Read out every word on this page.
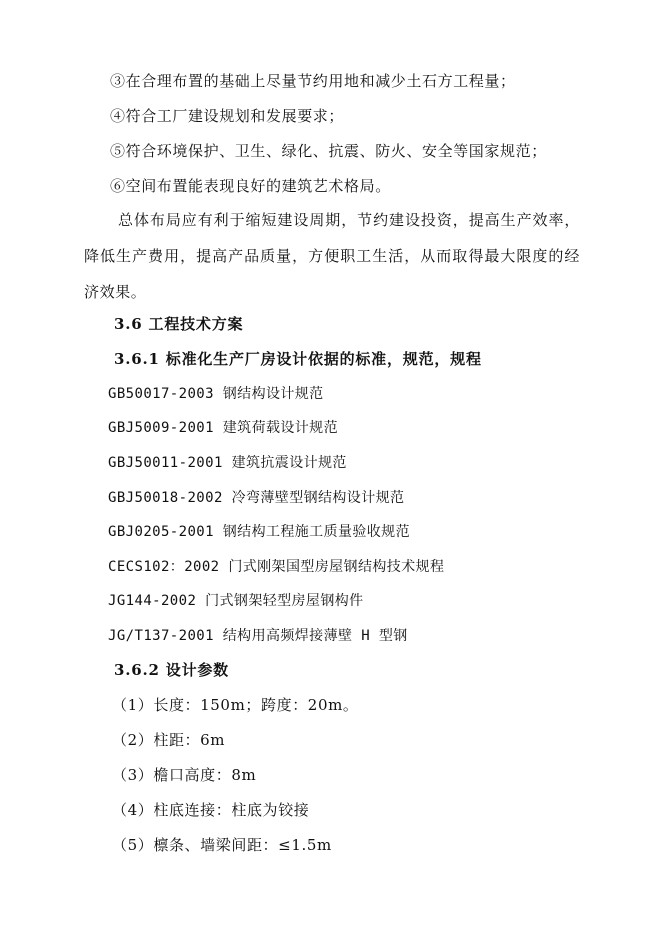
③在合理布置的基础上尽量节约用地和减少土石方工程量；
④符合工厂建设规划和发展要求；
⑤符合环境保护、卫生、绿化、抗震、防火、安全等国家规范；
⑥空间布置能表现良好的建筑艺术格局。
总体布局应有利于缩短建设周期，节约建设投资，提高生产效率，降低生产费用，提高产品质量，方便职工生活，从而取得最大限度的经济效果。
3.6 工程技术方案
3.6.1 标准化生产厂房设计依据的标准，规范，规程
GB50017-2003 钢结构设计规范
GBJ5009-2001 建筑荷载设计规范
GBJ50011-2001 建筑抗震设计规范
GBJ50018-2002 冷弯薄壁型钢结构设计规范
GBJ0205-2001 钢结构工程施工质量验收规范
CECS102：2002 门式刚架国型房屋钢结构技术规程
JG144-2002 门式钢架轻型房屋钢构件
JG/T137-2001 结构用高频焊接薄壁 H 型钢
3.6.2 设计参数
（1）长度：150m；跨度：20m。
（2）柱距：6m
（3）檐口高度：8m
（4）柱底连接：柱底为铰接
（5）檩条、墙梁间距：≤1.5m
